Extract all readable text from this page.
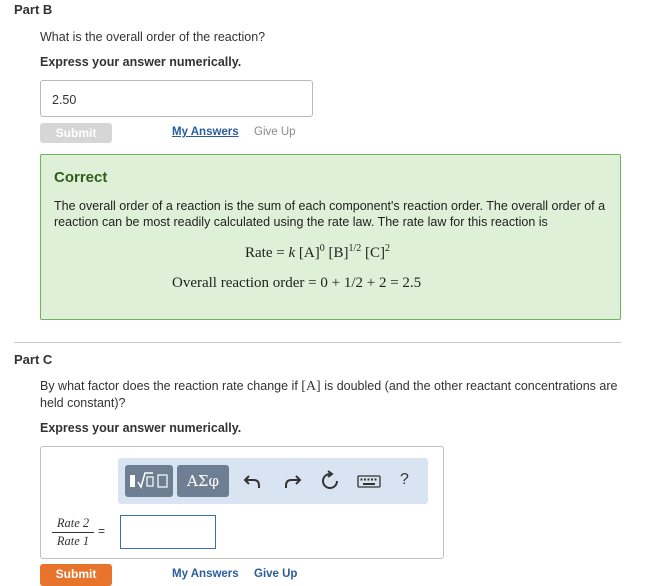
Part B
What is the overall order of the reaction?
Express your answer numerically.
2.50
Submit	My Answers Give Up
Correct
The overall order of a reaction is the sum of each component's reaction order. The overall order of a reaction can be most readily calculated using the rate law. The rate law for this reaction is
Rate = k $[A]^0$ $[B]^{1/2}$ $[C]^2$
Overall reaction order = 0 + 1/2 + 2 = 2.5
Part C
By what factor does the reaction rate change if [A] is doubled (and the other reactant concentrations are held constant)?
Express your answer numerically.
ΑΣφ	?
Rate 2
Rate 1
=
Submit	My Answers Give Up
